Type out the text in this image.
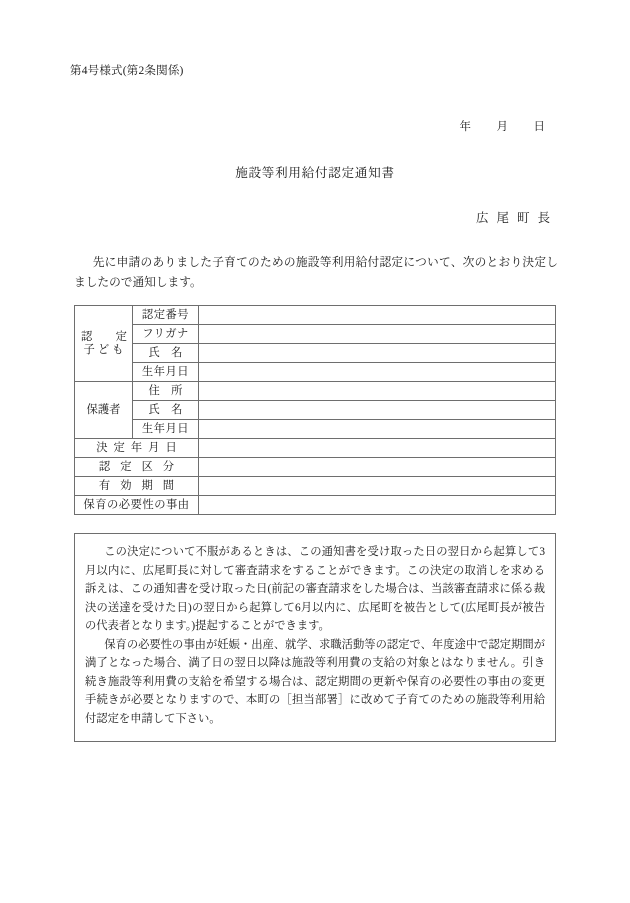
第4号様式(第2条関係)
年　月　日
施設等利用給付認定通知書
広尾町長
先に申請のありました子育てのための施設等利用給付認定について、次のとおり決定しましたので通知します。
認　定
子ども	認定番号	
	フリガナ	
	氏　名	
	生年月日	
保護者	住　所	
	氏　名	
	生年月日	
決定年月日		
認定区分		
有効期間		
保育の必要性の事由		

この決定について不服があるときは、この通知書を受け取った日の翌日から起算して3月以内に、広尾町長に対して審査請求をすることができます。この決定の取消しを求める訴えは、この通知書を受け取った日(前記の審査請求をした場合は、当該審査請求に係る裁決の送達を受けた日)の翌日から起算して6月以内に、広尾町を被告として(広尾町長が被告の代表者となります。)提起することができます。

保育の必要性の事由が妊娠・出産、就学、求職活動等の認定で、年度途中で認定期間が満了となった場合、満了日の翌日以降は施設等利用費の支給の対象とはなりません。引き続き施設等利用費の支給を希望する場合は、認定期間の更新や保育の必要性の事由の変更手続きが必要となりますので、本町の［担当部署］に改めて子育てのための施設等利用給付認定を申請して下さい。
